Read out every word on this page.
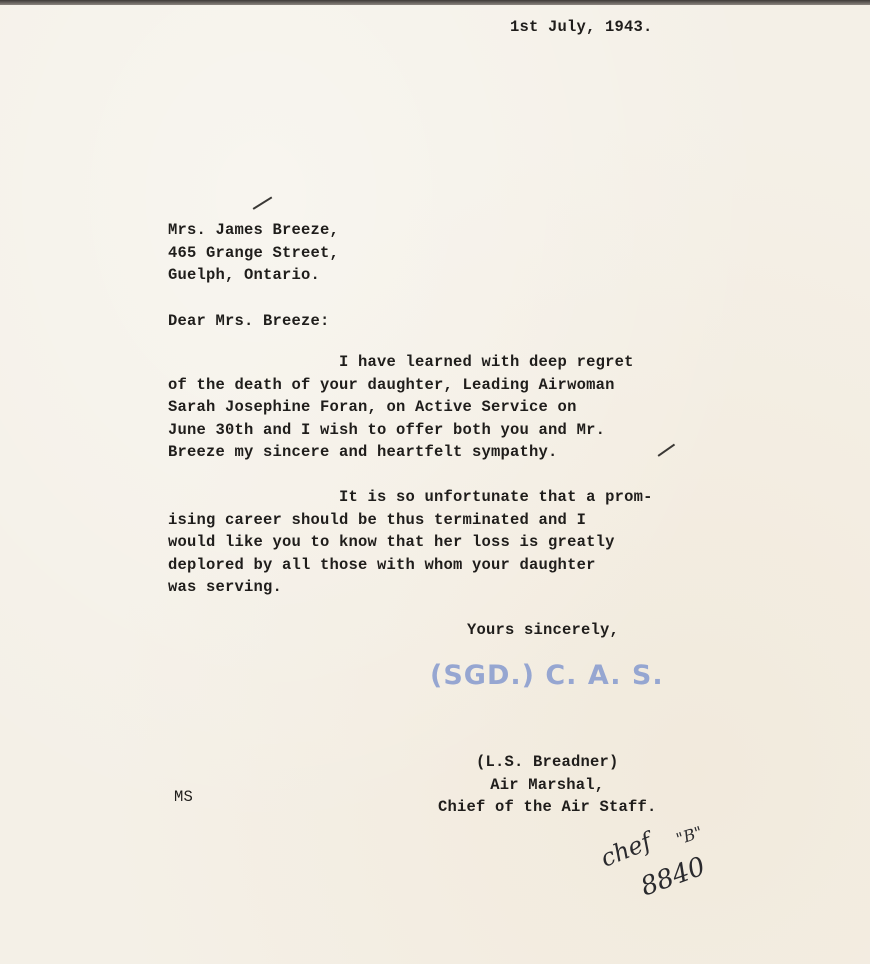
1st July, 1943.
Mrs. James Breeze,
465 Grange Street,
Guelph, Ontario.
Dear Mrs. Breeze:
I have learned with deep regret
of the death of your daughter, Leading Airwoman
Sarah Josephine Foran, on Active Service on
June 30th and I wish to offer both you and Mr.
Breeze my sincere and heartfelt sympathy.
It is so unfortunate that a prom-
ising career should be thus terminated and I
would like you to know that her loss is greatly
deplored by all those with whom your daughter
was serving.
Yours sincerely,
(SGD.) C. A. S.
(L.S. Breadner)
Air Marshal,
Chief of the Air Staff.
MS
chef "B"
8840
